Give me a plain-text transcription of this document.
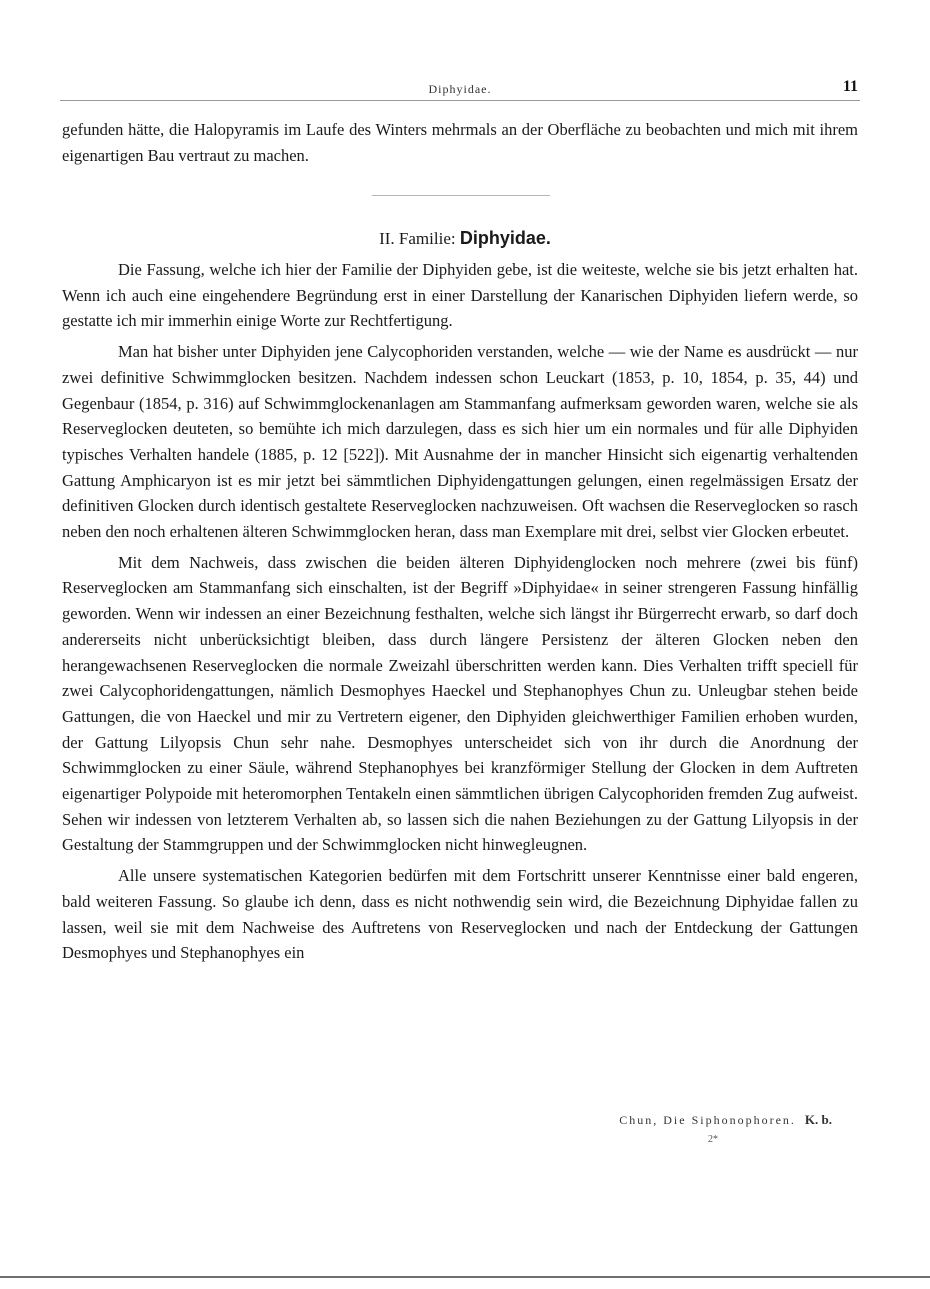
Diphyidae.	11

gefunden hätte, die Halopyramis im Laufe des Winters mehrmals an der Oberfläche zu beobachten und mich mit ihrem eigenartigen Bau vertraut zu machen.

II. Familie: Diphyidae.

Die Fassung, welche ich hier der Familie der Diphyiden gebe, ist die weiteste, welche sie bis jetzt erhalten hat. Wenn ich auch eine eingehendere Begründung erst in einer Darstellung der Kanarischen Diphyiden liefern werde, so gestatte ich mir immerhin einige Worte zur Rechtfertigung.

Man hat bisher unter Diphyiden jene Calycophoriden verstanden, welche — wie der Name es ausdrückt — nur zwei definitive Schwimmglocken besitzen. Nachdem indessen schon Leuckart (1853, p. 10, 1854, p. 35, 44) und Gegenbaur (1854, p. 316) auf Schwimmglockenanlagen am Stammanfang aufmerksam geworden waren, welche sie als Reserveglocken deuteten, so bemühte ich mich darzulegen, dass es sich hier um ein normales und für alle Diphyiden typisches Verhalten handele (1885, p. 12 [522]). Mit Ausnahme der in mancher Hinsicht sich eigenartig verhaltenden Gattung Amphicaryon ist es mir jetzt bei sämmtlichen Diphyidengattungen gelungen, einen regelmässigen Ersatz der definitiven Glocken durch identisch gestaltete Reserveglocken nachzuweisen. Oft wachsen die Reserveglocken so rasch neben den noch erhaltenen älteren Schwimmglocken heran, dass man Exemplare mit drei, selbst vier Glocken erbeutet.

Mit dem Nachweis, dass zwischen die beiden älteren Diphyidenglocken noch mehrere (zwei bis fünf) Reserveglocken am Stammanfang sich einschalten, ist der Begriff »Diphyidae« in seiner strengeren Fassung hinfällig geworden. Wenn wir indessen an einer Bezeichnung festhalten, welche sich längst ihr Bürgerrecht erwarb, so darf doch andererseits nicht unberücksichtigt bleiben, dass durch längere Persistenz der älteren Glocken neben den herangewachsenen Reserveglocken die normale Zweizahl überschritten werden kann. Dies Verhalten trifft speciell für zwei Calycophoridengattungen, nämlich Desmophyes Haeckel und Stephanophyes Chun zu. Unleugbar stehen beide Gattungen, die von Haeckel und mir zu Vertretern eigener, den Diphyiden gleichwerthiger Familien erhoben wurden, der Gattung Lilyopsis Chun sehr nahe. Desmophyes unterscheidet sich von ihr durch die Anordnung der Schwimmglocken zu einer Säule, während Stephanophyes bei kranzförmiger Stellung der Glocken in dem Auftreten eigenartiger Polypoide mit heteromorphen Tentakeln einen sämmtlichen übrigen Calycophoriden fremden Zug aufweist. Sehen wir indessen von letzterem Verhalten ab, so lassen sich die nahen Beziehungen zu der Gattung Lilyopsis in der Gestaltung der Stammgruppen und der Schwimmglocken nicht hinwegleugnen.

Alle unsere systematischen Kategorien bedürfen mit dem Fortschritt unserer Kenntnisse einer bald engeren, bald weiteren Fassung. So glaube ich denn, dass es nicht nothwendig sein wird, die Bezeichnung Diphyidae fallen zu lassen, weil sie mit dem Nachweise des Auftretens von Reserveglocken und nach der Entdeckung der Gattungen Desmophyes und Stephanophyes ein

Chun, Die Siphonophoren. K. b.
2*
